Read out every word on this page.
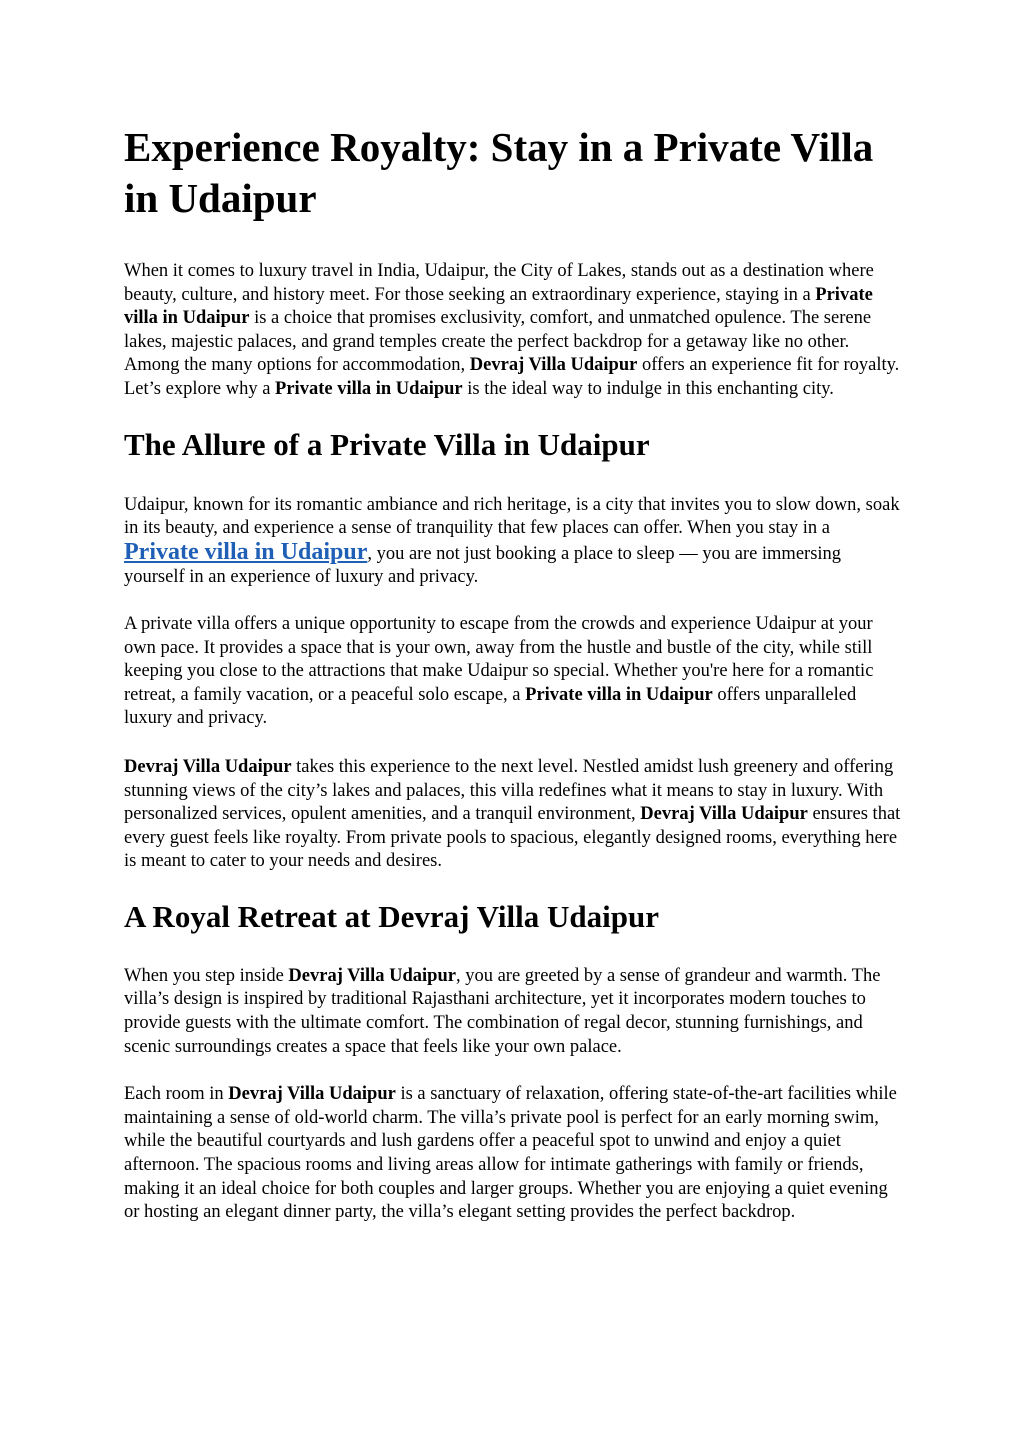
Experience Royalty: Stay in a Private Villa in Udaipur

When it comes to luxury travel in India, Udaipur, the City of Lakes, stands out as a destination where beauty, culture, and history meet. For those seeking an extraordinary experience, staying in a Private villa in Udaipur is a choice that promises exclusivity, comfort, and unmatched opulence. The serene lakes, majestic palaces, and grand temples create the perfect backdrop for a getaway like no other. Among the many options for accommodation, Devraj Villa Udaipur offers an experience fit for royalty. Let’s explore why a Private villa in Udaipur is the ideal way to indulge in this enchanting city.

The Allure of a Private Villa in Udaipur

Udaipur, known for its romantic ambiance and rich heritage, is a city that invites you to slow down, soak in its beauty, and experience a sense of tranquility that few places can offer. When you stay in a Private villa in Udaipur, you are not just booking a place to sleep — you are immersing yourself in an experience of luxury and privacy.

A private villa offers a unique opportunity to escape from the crowds and experience Udaipur at your own pace. It provides a space that is your own, away from the hustle and bustle of the city, while still keeping you close to the attractions that make Udaipur so special. Whether you're here for a romantic retreat, a family vacation, or a peaceful solo escape, a Private villa in Udaipur offers unparalleled luxury and privacy.

Devraj Villa Udaipur takes this experience to the next level. Nestled amidst lush greenery and offering stunning views of the city’s lakes and palaces, this villa redefines what it means to stay in luxury. With personalized services, opulent amenities, and a tranquil environment, Devraj Villa Udaipur ensures that every guest feels like royalty. From private pools to spacious, elegantly designed rooms, everything here is meant to cater to your needs and desires.

A Royal Retreat at Devraj Villa Udaipur

When you step inside Devraj Villa Udaipur, you are greeted by a sense of grandeur and warmth. The villa’s design is inspired by traditional Rajasthani architecture, yet it incorporates modern touches to provide guests with the ultimate comfort. The combination of regal decor, stunning furnishings, and scenic surroundings creates a space that feels like your own palace.

Each room in Devraj Villa Udaipur is a sanctuary of relaxation, offering state-of-the-art facilities while maintaining a sense of old-world charm. The villa’s private pool is perfect for an early morning swim, while the beautiful courtyards and lush gardens offer a peaceful spot to unwind and enjoy a quiet afternoon. The spacious rooms and living areas allow for intimate gatherings with family or friends, making it an ideal choice for both couples and larger groups. Whether you are enjoying a quiet evening or hosting an elegant dinner party, the villa’s elegant setting provides the perfect backdrop.
